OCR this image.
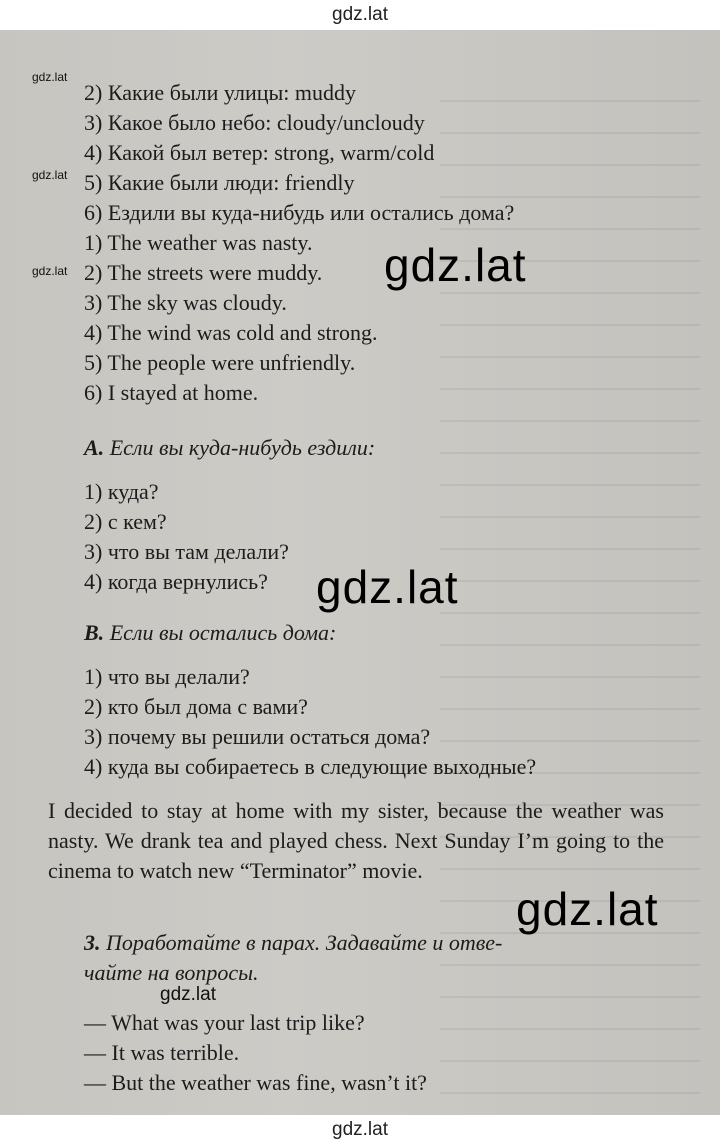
gdz.lat
2) Какие были улицы: muddy
3) Какое было небо: cloudy/uncloudy
4) Какой был ветер: strong, warm/cold
5) Какие были люди: friendly
6) Ездили вы куда-нибудь или остались дома?
1) The weather was nasty.
2) The streets were muddy.
3) The sky was cloudy.
4) The wind was cold and strong.
5) The people were unfriendly.
6) I stayed at home.
A. Если вы куда-нибудь ездили:
1) куда?
2) с кем?
3) что вы там делали?
4) когда вернулись?
B. Если вы остались дома:
1) что вы делали?
2) кто был дома с вами?
3) почему вы решили остаться дома?
4) куда вы собираетесь в следующие выходные?
I decided to stay at home with my sister, because the weather was nasty. We drank tea and played chess. Next Sunday I’m going to the cinema to watch new “Terminator” movie.
3. Поработайте в парах. Задавайте и отве-
чайте на вопросы.
— What was your last trip like?
— It was terrible.
— But the weather was fine, wasn’t it?
gdz.lat
gdz.lat
gdz.lat	gdz.lat
gdz.lat
gdz.lat
gdz.lat
gdz.lat
